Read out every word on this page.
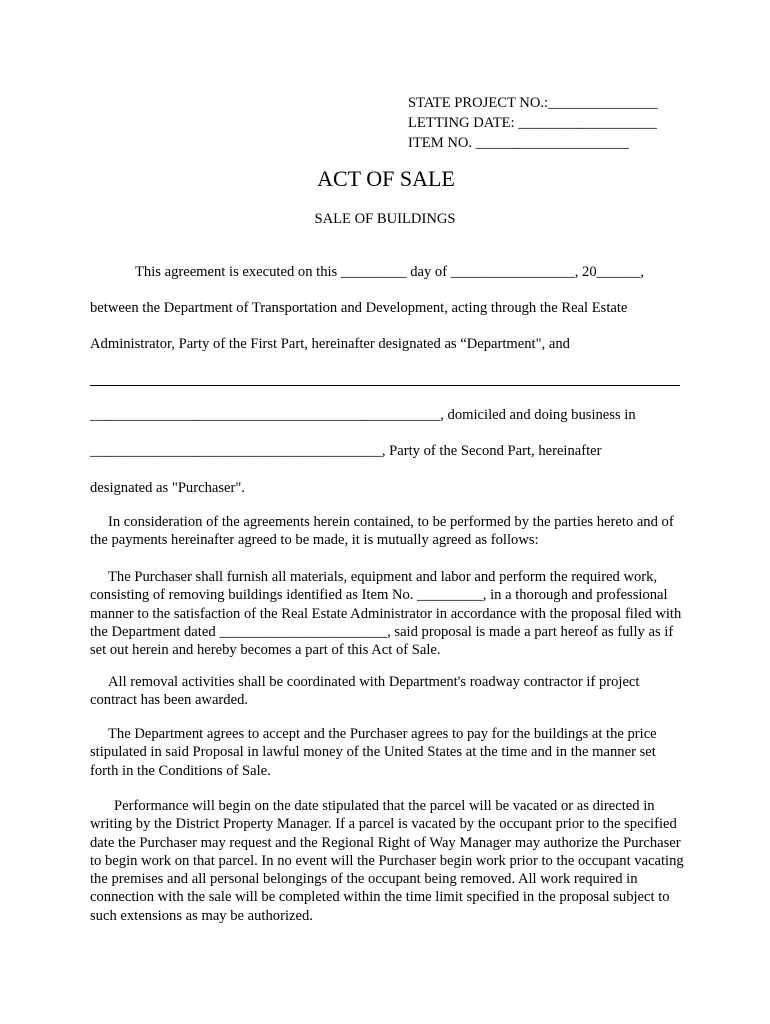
STATE PROJECT NO.:_______________
LETTING DATE: ___________________
ITEM NO. _____________________
ACT OF SALE
SALE OF BUILDINGS
This agreement is executed on this _________ day of _________________, 20______,
between the Department of Transportation and Development, acting through the Real Estate
Administrator, Party of the First Part, hereinafter designated as “Department", and
________________________________________________, domiciled and doing business in
________________________________________, Party of the Second Part, hereinafter
designated as "Purchaser".
In consideration of the agreements herein contained, to be performed by the parties hereto and of the payments hereinafter agreed to be made, it is mutually agreed as follows:
The Purchaser shall furnish all materials, equipment and labor and perform the required work, consisting of removing buildings identified as Item No. _________, in a thorough and professional manner to the satisfaction of the Real Estate Administrator in accordance with the proposal filed with the Department dated _______________________, said proposal is made a part hereof as fully as if set out herein and hereby becomes a part of this Act of Sale.
All removal activities shall be coordinated with Department's roadway contractor if project contract has been awarded.
The Department agrees to accept and the Purchaser agrees to pay for the buildings at the price stipulated in said Proposal in lawful money of the United States at the time and in the manner set forth in the Conditions of Sale.
Performance will begin on the date stipulated that the parcel will be vacated or as directed in writing by the District Property Manager. If a parcel is vacated by the occupant prior to the specified date the Purchaser may request and the Regional Right of Way Manager may authorize the Purchaser to begin work on that parcel. In no event will the Purchaser begin work prior to the occupant vacating the premises and all personal belongings of the occupant being removed. All work required in connection with the sale will be completed within the time limit specified in the proposal subject to such extensions as may be authorized.
